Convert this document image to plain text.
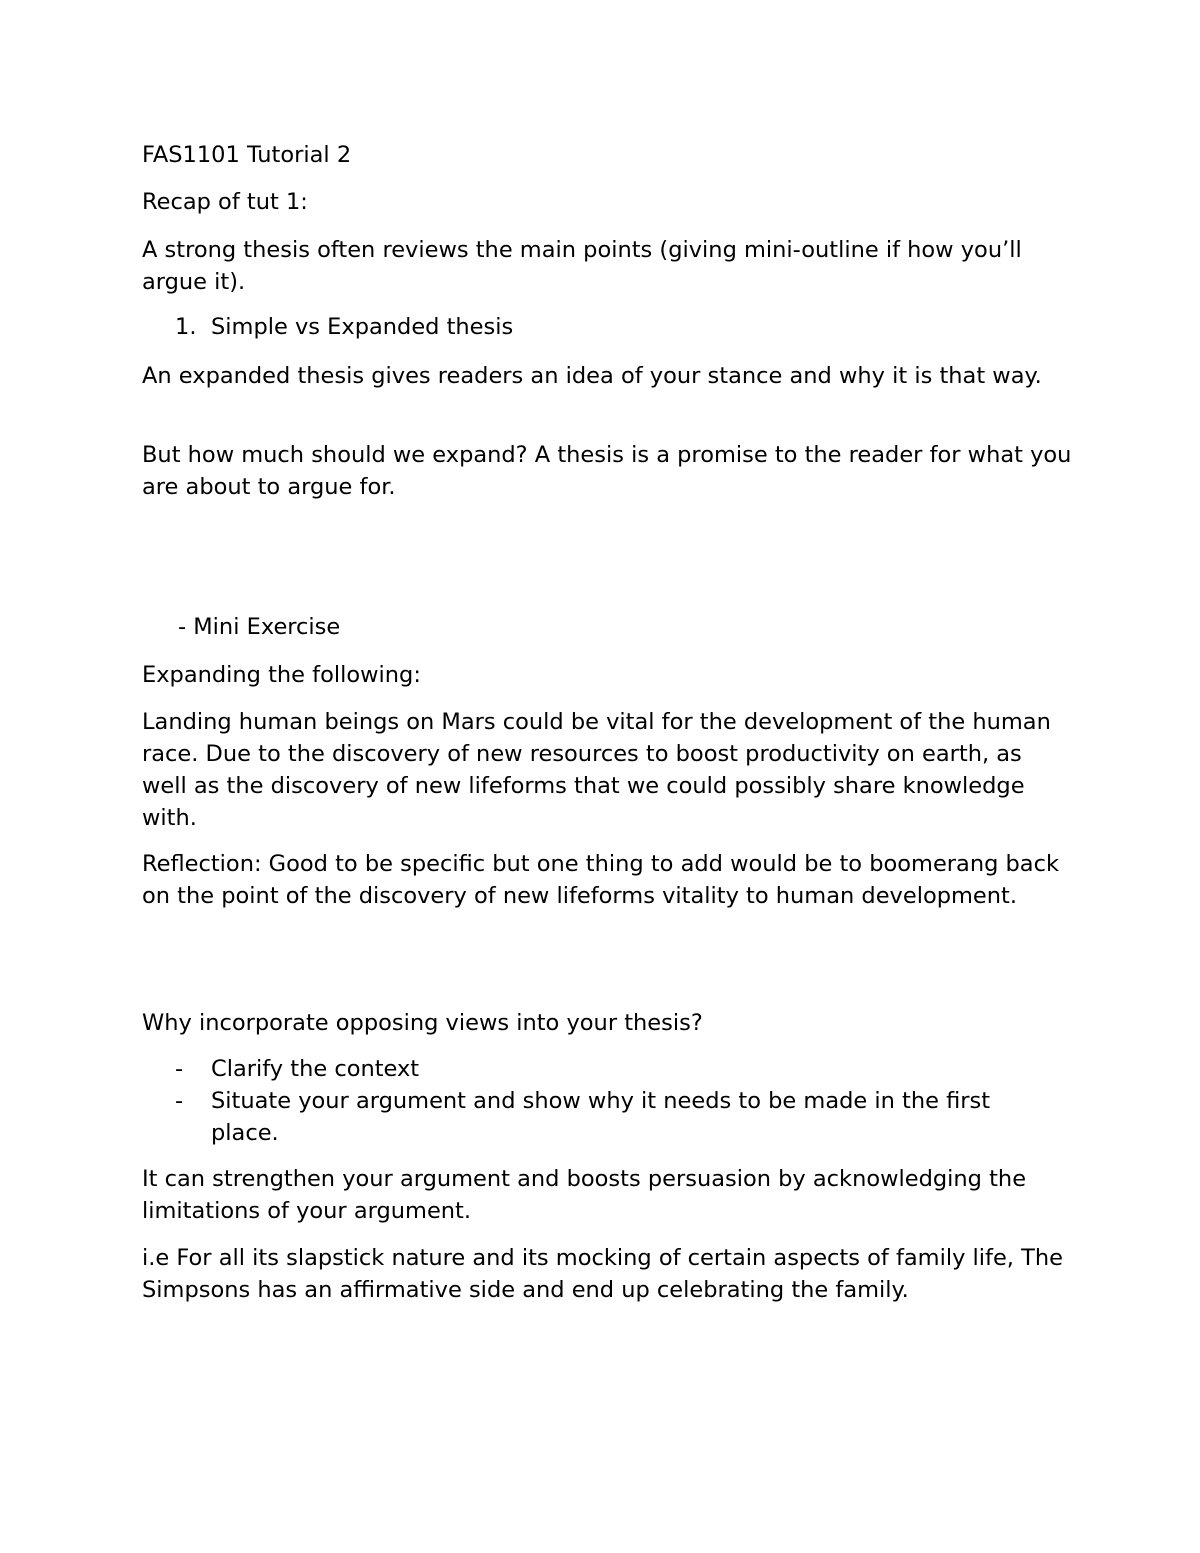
FAS1101 Tutorial 2

Recap of tut 1:

A strong thesis often reviews the main points (giving mini-outline if how you’ll argue it).

1. Simple vs Expanded thesis

An expanded thesis gives readers an idea of your stance and why it is that way.

But how much should we expand? A thesis is a promise to the reader for what you are about to argue for.

- Mini Exercise

Expanding the following:

Landing human beings on Mars could be vital for the development of the human race. Due to the discovery of new resources to boost productivity on earth, as well as the discovery of new lifeforms that we could possibly share knowledge with.

Reflection: Good to be specific but one thing to add would be to boomerang back on the point of the discovery of new lifeforms vitality to human development.

Why incorporate opposing views into your thesis?

- Clarify the context

- Situate your argument and show why it needs to be made in the first place.

It can strengthen your argument and boosts persuasion by acknowledging the limitations of your argument.

i.e For all its slapstick nature and its mocking of certain aspects of family life, The Simpsons has an affirmative side and end up celebrating the family.
